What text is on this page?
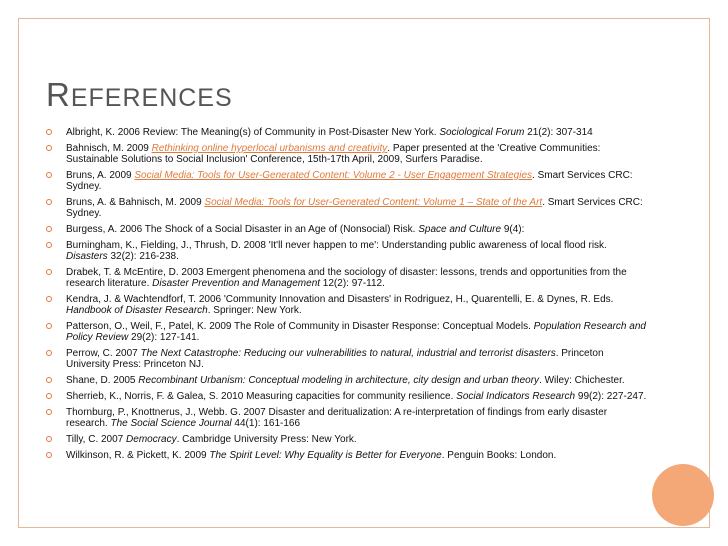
REFERENCES
Albright, K. 2006 Review: The Meaning(s) of Community in Post-Disaster New York. Sociological Forum 21(2): 307-314
Bahnisch, M. 2009 Rethinking online hyperlocal urbanisms and creativity. Paper presented at the 'Creative Communities: Sustainable Solutions to Social Inclusion' Conference, 15th-17th April, 2009, Surfers Paradise.
Bruns, A. 2009 Social Media: Tools for User-Generated Content: Volume 2 - User Engagement Strategies. Smart Services CRC: Sydney.
Bruns, A. & Bahnisch, M. 2009 Social Media: Tools for User-Generated Content: Volume 1 – State of the Art. Smart Services CRC: Sydney.
Burgess, A. 2006 The Shock of a Social Disaster in an Age of (Nonsocial) Risk. Space and Culture 9(4):
Burningham, K., Fielding, J., Thrush, D. 2008 'It'll never happen to me': Understanding public awareness of local flood risk. Disasters 32(2): 216-238.
Drabek, T. & McEntire, D. 2003 Emergent phenomena and the sociology of disaster: lessons, trends and opportunities from the research literature. Disaster Prevention and Management 12(2): 97-112.
Kendra, J. & Wachtendforf, T. 2006 'Community Innovation and Disasters' in Rodriguez, H., Quarentelli, E. & Dynes, R. Eds. Handbook of Disaster Research. Springer: New York.
Patterson, O., Weil, F., Patel, K. 2009 The Role of Community in Disaster Response: Conceptual Models. Population Research and Policy Review 29(2): 127-141.
Perrow, C. 2007 The Next Catastrophe: Reducing our vulnerabilities to natural, industrial and terrorist disasters. Princeton University Press: Princeton NJ.
Shane, D. 2005 Recombinant Urbanism: Conceptual modeling in architecture, city design and urban theory. Wiley: Chichester.
Sherrieb, K., Norris, F. & Galea, S. 2010 Measuring capacities for community resilience. Social Indicators Research 99(2): 227-247.
Thornburg, P., Knottnerus, J., Webb. G. 2007 Disaster and deritualization: A re-interpretation of findings from early disaster research. The Social Science Journal 44(1): 161-166
Tilly, C. 2007 Democracy. Cambridge University Press: New York.
Wilkinson, R. & Pickett, K. 2009 The Spirit Level: Why Equality is Better for Everyone. Penguin Books: London.
